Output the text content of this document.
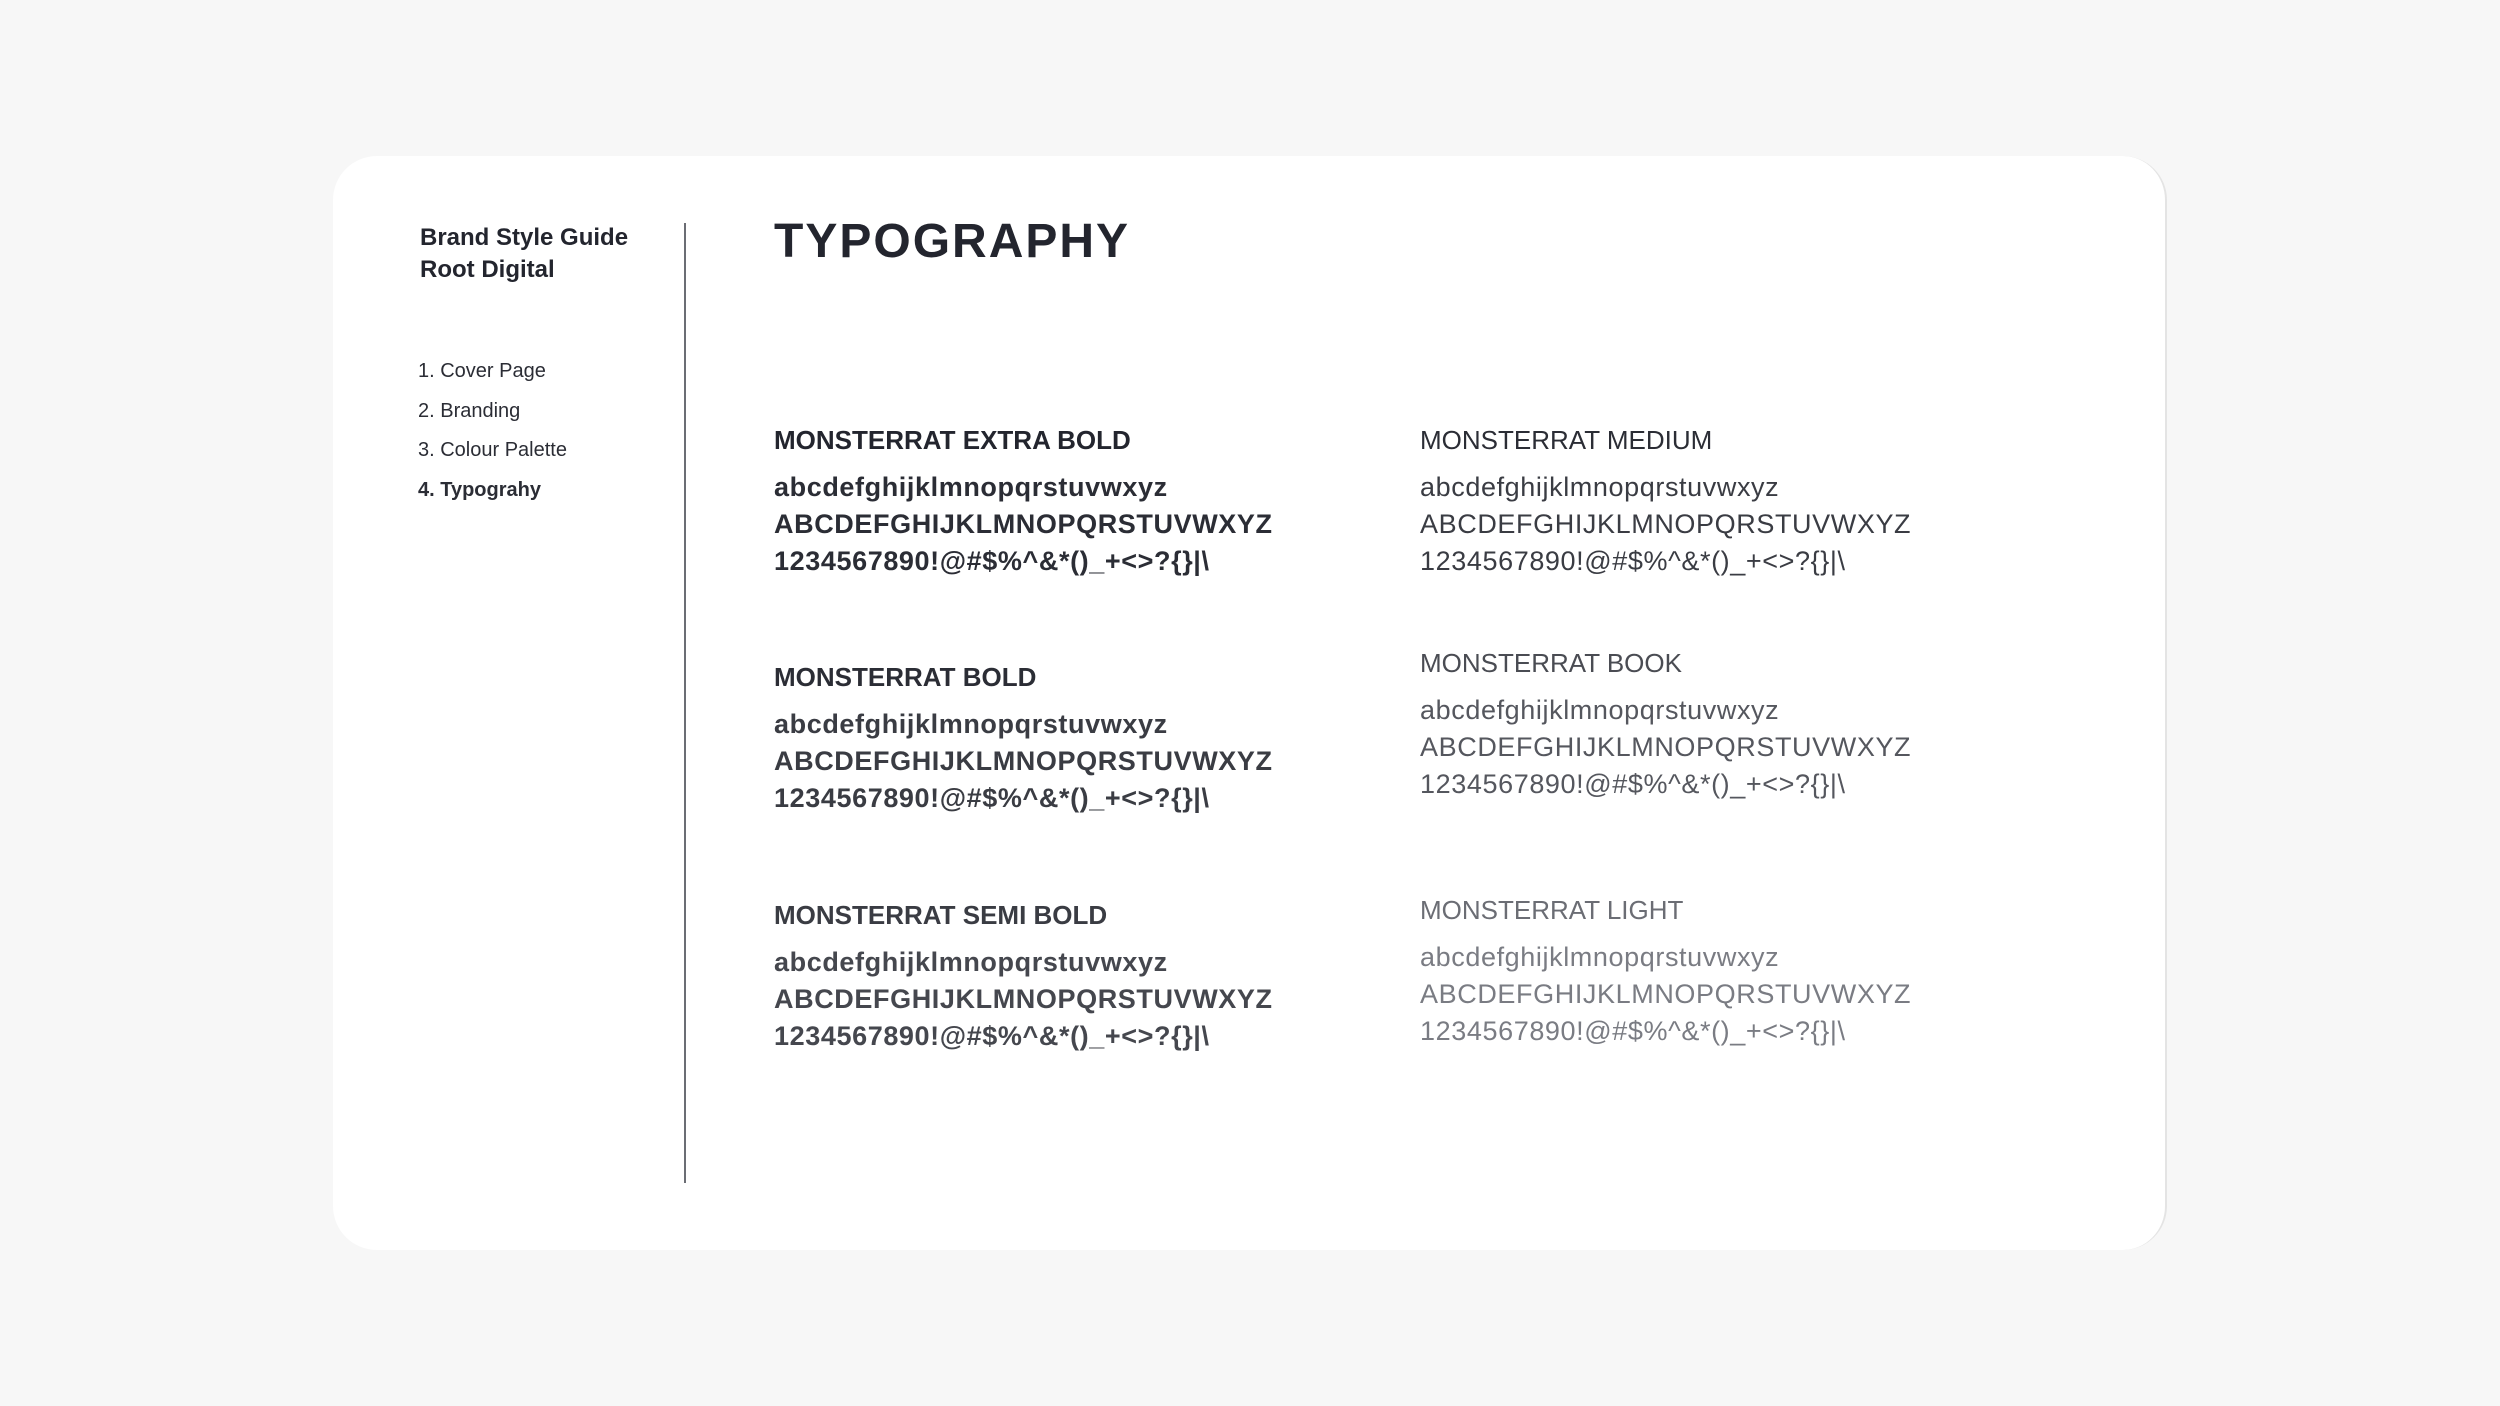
Brand Style Guide
Root Digital
1. Cover Page
2. Branding
3. Colour Palette
4. Typograhy
TYPOGRAPHY
MONSTERRAT EXTRA BOLD
abcdefghijklmnopqrstuvwxyz
ABCDEFGHIJKLMNOPQRSTUVWXYZ
1234567890!@#$%^&*()_+<>?{}|\
MONSTERRAT BOLD
abcdefghijklmnopqrstuvwxyz
ABCDEFGHIJKLMNOPQRSTUVWXYZ
1234567890!@#$%^&*()_+<>?{}|\
MONSTERRAT SEMI BOLD
abcdefghijklmnopqrstuvwxyz
ABCDEFGHIJKLMNOPQRSTUVWXYZ
1234567890!@#$%^&*()_+<>?{}|\
MONSTERRAT MEDIUM
abcdefghijklmnopqrstuvwxyz
ABCDEFGHIJKLMNOPQRSTUVWXYZ
1234567890!@#$%^&*()_+<>?{}|\
MONSTERRAT BOOK
abcdefghijklmnopqrstuvwxyz
ABCDEFGHIJKLMNOPQRSTUVWXYZ
1234567890!@#$%^&*()_+<>?{}|\
MONSTERRAT LIGHT
abcdefghijklmnopqrstuvwxyz
ABCDEFGHIJKLMNOPQRSTUVWXYZ
1234567890!@#$%^&*()_+<>?{}|\
